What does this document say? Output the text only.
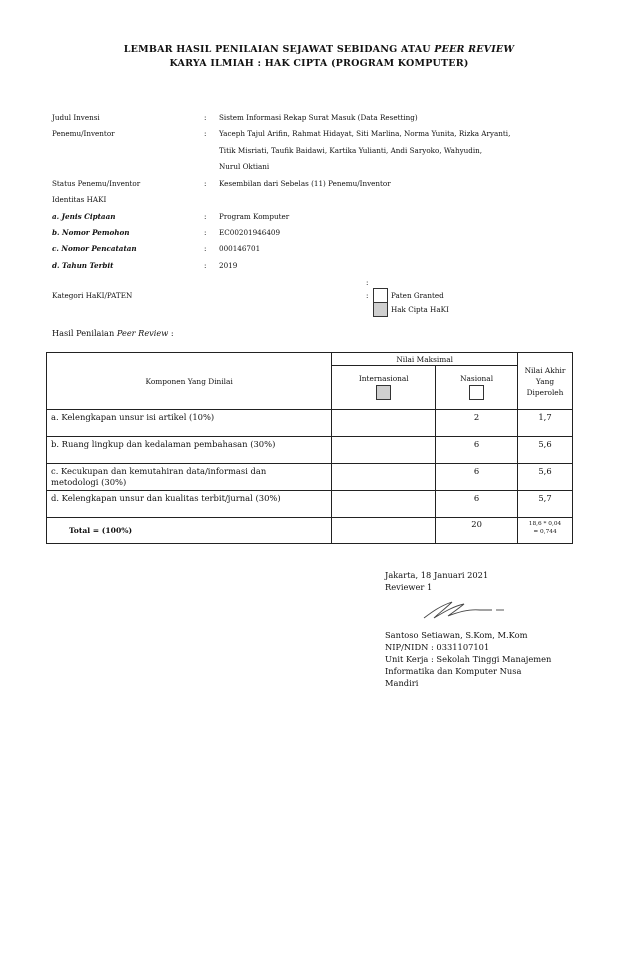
LEMBAR HASIL PENILAIAN SEJAWAT SEBIDANG ATAU PEER REVIEW
KARYA ILMIAH : HAK CIPTA (PROGRAM KOMPUTER)
Judul Invensi	: Sistem Informasi Rekap Surat Masuk (Data Resetting)
Penemu/Inventor	: Yaceph Tajul Arifin, Rahmat Hidayat, Siti Marlina, Norma Yunita, Rizka Aryanti,
Titik Misriati, Taufik Baidawi, Kartika Yulianti, Andi Saryoko, Wahyudin,
Nurul Oktiani
Status Penemu/Inventor	: Kesembilan dari Sebelas (11) Penemu/Inventor
Identitas HAKI
a. Jenis Ciptaan	: Program Komputer
b. Nomor Pemohon	: EC00201946409
c. Nomor Pencatatan	: 000146701
d. Tahun Terbit	: 2019
:
Kategori HaKI/PATEN	:	Paten Granted
Hak Cipta HaKI
Hasil Penilaian Peer Review :
Komponen Yang Dinilai	Nilai Maksimal		Nilai Akhir Yang Diperoleh

	Internasional	Nasional	

a. Kelengkapan unsur isi artikel (10%)		2	1,7

b. Ruang lingkup dan kedalaman pembahasan (30%)		6	5,6

c. Kecukupan dan kemutahiran data/informasi dan metodologi (30%)		6	5,6

d. Kelengkapan unsur dan kualitas terbit/jurnal (30%)		6	5,7

Total = (100%)		20	18,6 * 0,04
= 0,744
Jakarta, 18 Januari 2021
Reviewer 1
Santoso Setiawan, S.Kom, M.Kom
NIP/NIDN : 0331107101
Unit Kerja : Sekolah Tinggi Manajemen
Informatika dan Komputer Nusa
Mandiri
